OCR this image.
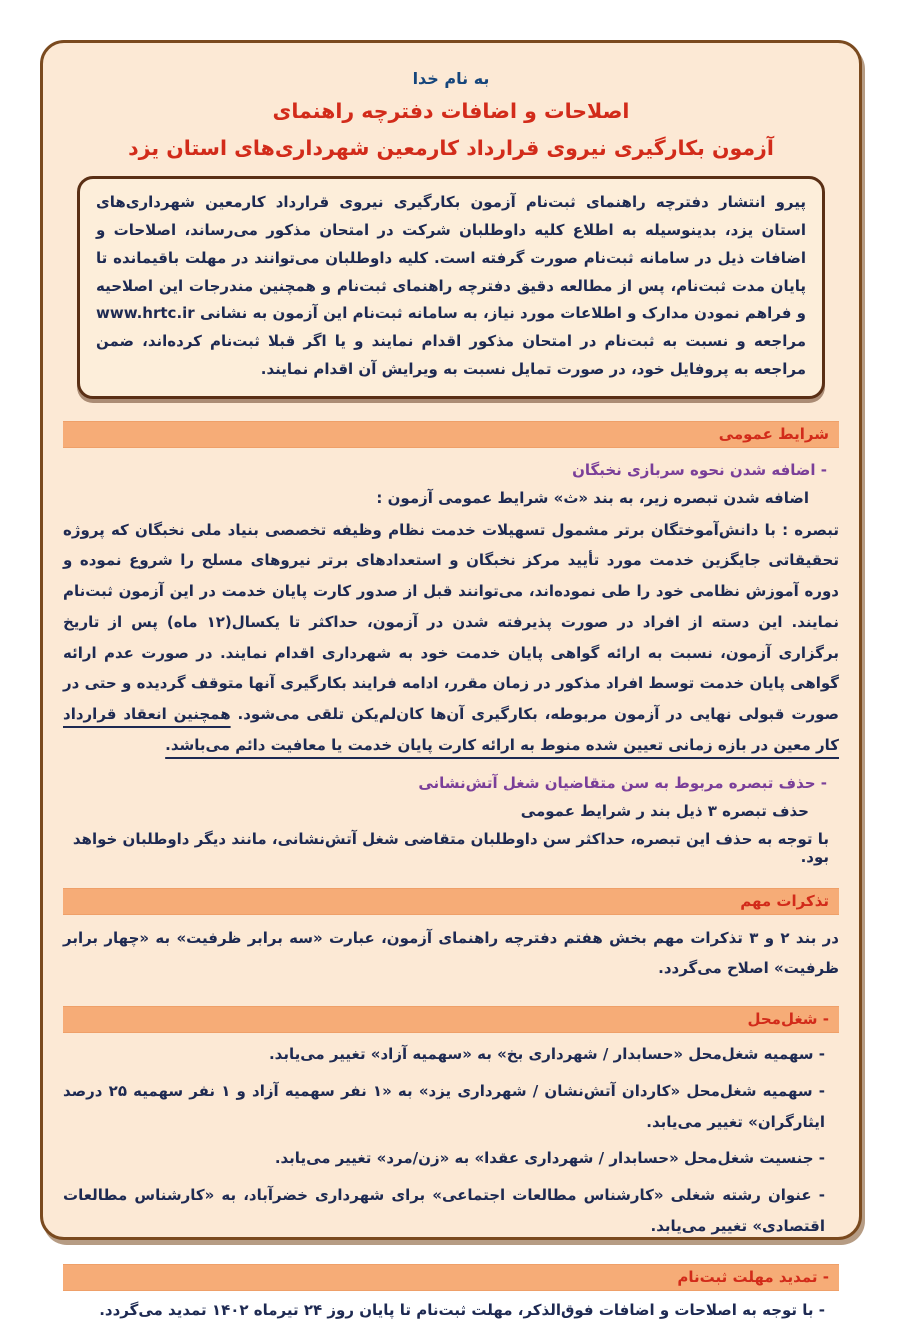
به نام خدا
اصلاحات و اضافات دفترچه راهنمای
آزمون بکارگیری نیروی قرارداد کارمعین شهرداری‌های استان یزد

پیرو انتشار دفترچه راهنمای ثبت‌نام آزمون بکارگیری نیروی قرارداد کارمعین شهرداری‌های استان یزد، بدینوسیله به اطلاع کلیه داوطلبان شرکت در امتحان مذکور می‌رساند، اصلاحات و اضافات ذیل در سامانه ثبت‌نام صورت گرفته است. کلیه داوطلبان می‌توانند در مهلت باقیمانده تا پایان مدت ثبت‌نام، پس از مطالعه دقیق دفترچه راهنمای ثبت‌نام و همچنین مندرجات این اصلاحیه و فراهم نمودن مدارک و اطلاعات مورد نیاز، به سامانه ثبت‌نام این آزمون به نشانی www.hrtc.ir مراجعه و نسبت به ثبت‌نام در امتحان مذکور اقدام نمایند و یا اگر قبلا ثبت‌نام کرده‌اند، ضمن مراجعه به پروفایل خود، در صورت تمایل نسبت به ویرایش آن اقدام نمایند.

شرایط عمومی
- اضافه شدن نحوه سربازی نخبگان
اضافه شدن تبصره زیر، به بند «ث» شرایط عمومی آزمون :

تبصره : با دانش‌آموختگان برتر مشمول تسهیلات خدمت نظام وظیفه تخصصی بنیاد ملی نخبگان که پروژه تحقیقاتی جایگزین خدمت مورد تأیید مرکز نخبگان و استعدادهای برتر نیروهای مسلح را شروع نموده و دوره آموزش نظامی خود را طی نموده‌اند، می‌توانند قبل از صدور کارت پایان خدمت در این آزمون ثبت‌نام نمایند. این دسته از افراد در صورت پذیرفته شدن در آزمون، حداکثر تا یکسال(۱۲ ماه) پس از تاریخ برگزاری آزمون، نسبت به ارائه گواهی پایان خدمت خود به شهرداری اقدام نمایند. در صورت عدم ارائه گواهی پایان خدمت توسط افراد مذکور در زمان مقرر، ادامه فرایند بکارگیری آنها متوقف گردیده و حتی در صورت قبولی نهایی در آزمون مربوطه، بکارگیری آن‌ها کان‌لم‌یکن تلقی می‌شود. همچنین انعقاد قرارداد کار معین در بازه زمانی تعیین شده منوط به ارائه کارت پایان خدمت یا معافیت دائم می‌باشد.

- حذف تبصره مربوط به سن متقاضیان شغل آتش‌نشانی
حذف تبصره ۳ ذیل بند ر شرایط عمومی
با توجه به حذف این تبصره، حداکثر سن داوطلبان متقاضی شغل آتش‌نشانی، مانند دیگر داوطلبان خواهد بود.
تذکرات مهم

در بند ۲ و ۳ تذکرات مهم بخش هفتم دفترچه راهنمای آزمون، عبارت «سه برابر ظرفیت» به «چهار برابر ظرفیت» اصلاح می‌گردد.

- شغل‌محل
- سهمیه شغل‌محل «حسابدار / شهرداری بخ» به «سهمیه آزاد» تغییر می‌یابد.
- سهمیه شغل‌محل «کاردان آتش‌نشان / شهرداری یزد» به «۱ نفر سهمیه آزاد و ۱ نفر سهمیه ۲۵ درصد ایثارگران» تغییر می‌یابد.
- جنسیت شغل‌محل «حسابدار / شهرداری عقدا» به «زن/مرد» تغییر می‌یابد.
- عنوان رشته شغلی «کارشناس مطالعات اجتماعی» برای شهرداری خضرآباد، به «کارشناس مطالعات اقتصادی» تغییر می‌یابد.
- تمدید مهلت ثبت‌نام
- با توجه به اصلاحات و اضافات فوق‌الذکر، مهلت ثبت‌نام تا پایان روز ۲۴ تیرماه ۱۴۰۲ تمدید می‌گردد.
